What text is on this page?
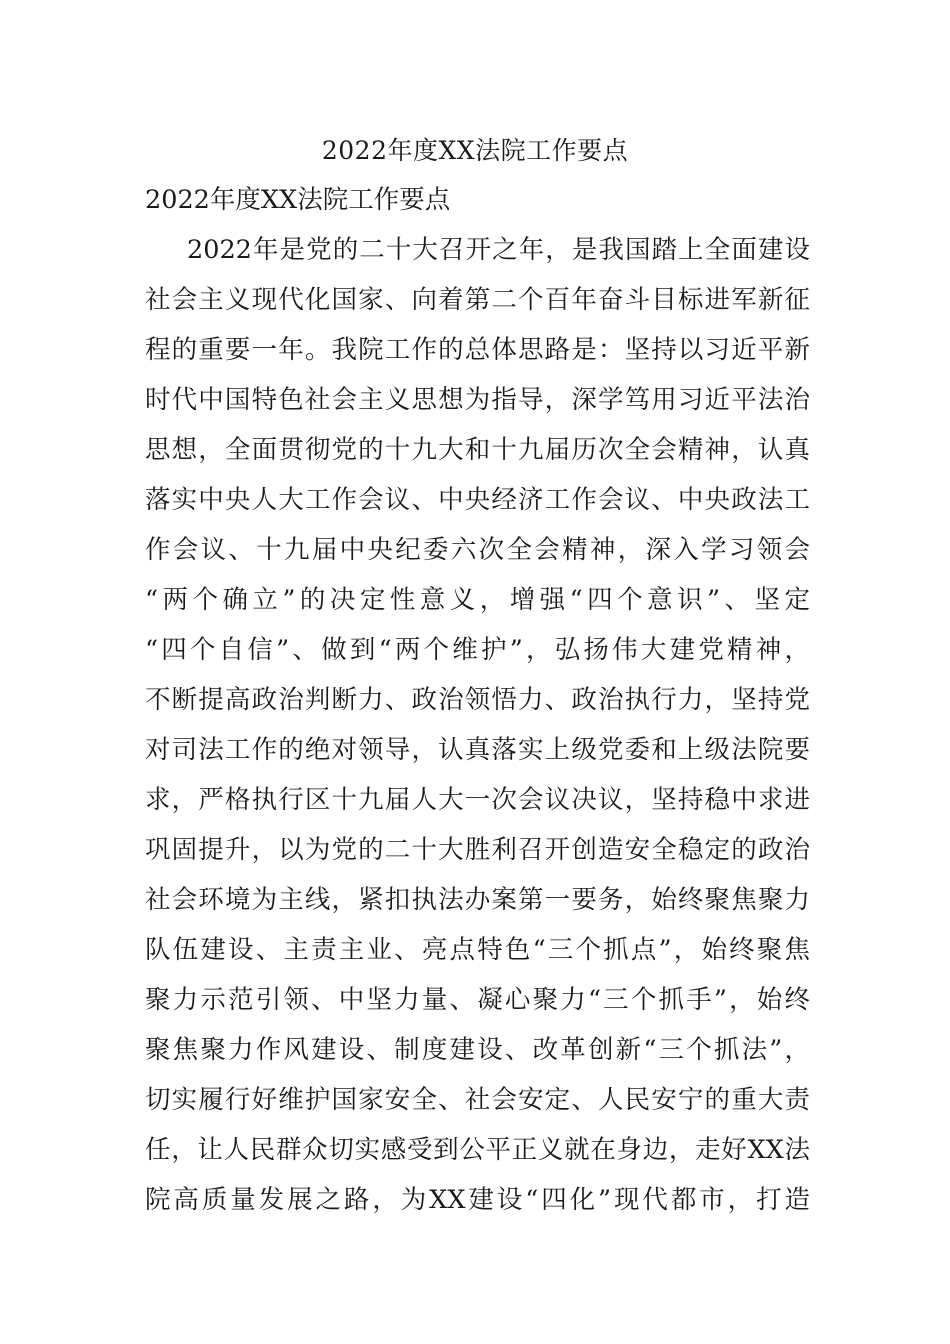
2022年度XX法院工作要点
2022年度XX法院工作要点
2022年是党的二十大召开之年，是我国踏上全面建设
社会主义现代化国家、向着第二个百年奋斗目标进军新征
程的重要一年。我院工作的总体思路是：坚持以习近平新
时代中国特色社会主义思想为指导，深学笃用习近平法治
思想，全面贯彻党的十九大和十九届历次全会精神，认真
落实中央人大工作会议、中央经济工作会议、中央政法工
作会议、十九届中央纪委六次全会精神，深入学习领会
“两个确立”的决定性意义，增强“四个意识”、坚定
“四个自信”、做到“两个维护”，弘扬伟大建党精神，
不断提高政治判断力、政治领悟力、政治执行力，坚持党
对司法工作的绝对领导，认真落实上级党委和上级法院要
求，严格执行区十九届人大一次会议决议，坚持稳中求进
巩固提升，以为党的二十大胜利召开创造安全稳定的政治
社会环境为主线，紧扣执法办案第一要务，始终聚焦聚力
队伍建设、主责主业、亮点特色“三个抓点”，始终聚焦
聚力示范引领、中坚力量、凝心聚力“三个抓手”，始终
聚焦聚力作风建设、制度建设、改革创新“三个抓法”，
切实履行好维护国家安全、社会安定、人民安宁的重大责
任，让人民群众切实感受到公平正义就在身边，走好XX法
院高质量发展之路，为XX建设“四化”现代都市，打造
